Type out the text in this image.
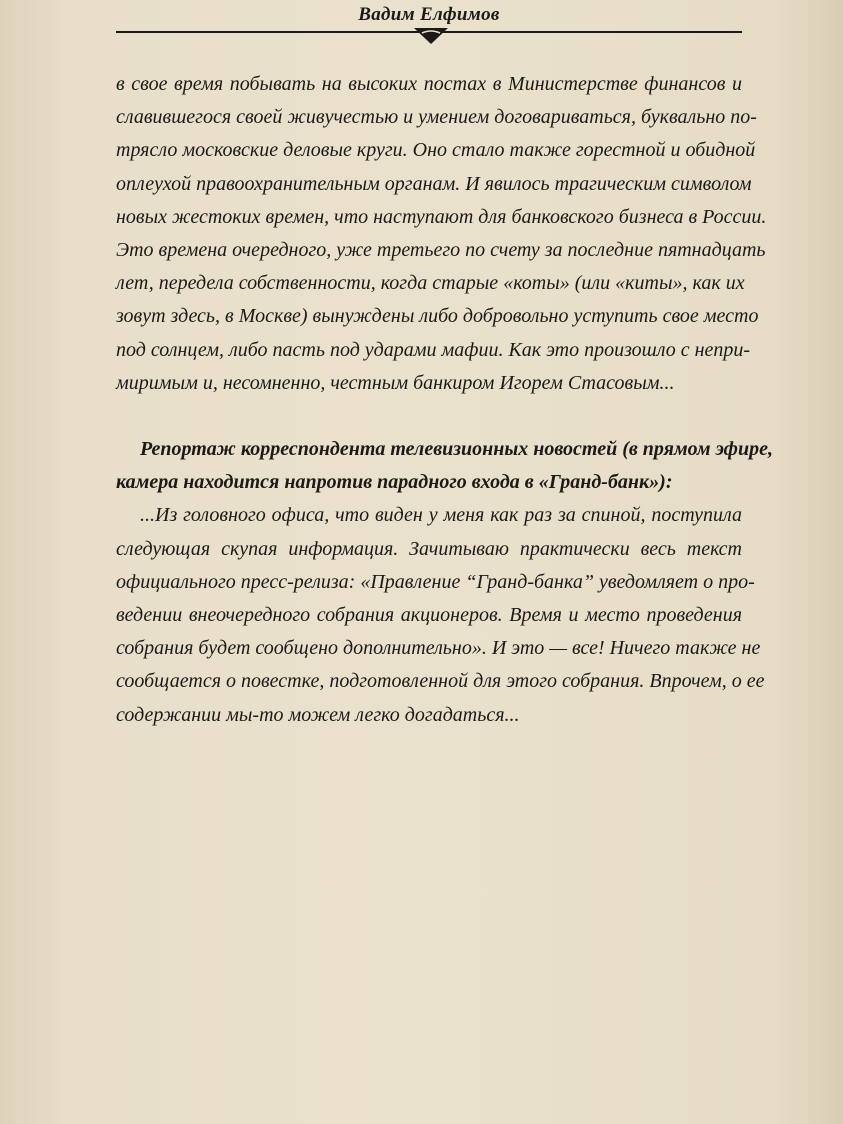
Вадим Елфимов
в свое время побывать на высоких постах в Министерстве финансов и
славившегося своей живучестью и умением договариваться, буквально по-
трясло московские деловые круги. Оно стало также горестной и обидной
оплеухой правоохранительным органам. И явилось трагическим символом
новых жестоких времен, что наступают для банковского бизнеса в России.
Это времена очередного, уже третьего по счету за последние пятнадцать
лет, передела собственности, когда старые «коты» (или «киты», как их
зовут здесь, в Москве) вынуждены либо добровольно уступить свое место
под солнцем, либо пасть под ударами мафии. Как это произошло с непри-
миримым и, несомненно, честным банкиром Игорем Стасовым...
Репортаж корреспондента телевизионных новостей (в прямом эфире,
камера находится напротив парадного входа в «Гранд-банк»):
...Из головного офиса, что виден у меня как раз за спиной, поступила
следующая скупая информация. Зачитываю практически весь текст
официального пресс-релиза: «Правление “Гранд-банка” уведомляет о про-
ведении внеочередного собрания акционеров. Время и место проведения
собрания будет сообщено дополнительно». И это — все! Ничего также не
сообщается о повестке, подготовленной для этого собрания. Впрочем, о ее
содержании мы-то можем легко догадаться...
